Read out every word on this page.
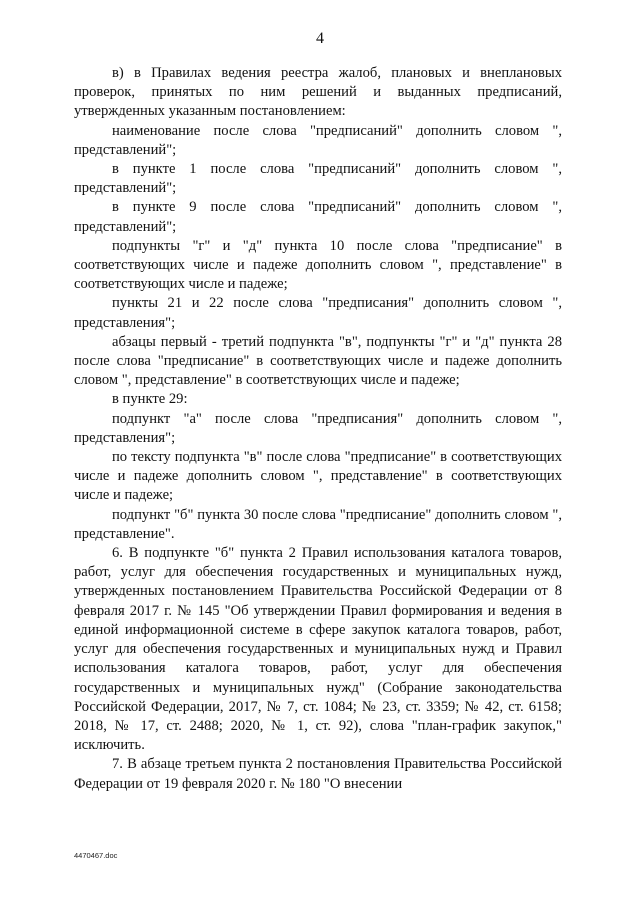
4

в) в Правилах ведения реестра жалоб, плановых и внеплановых проверок, принятых по ним решений и выданных предписаний, утвержденных указанным постановлением:

наименование после слова "предписаний" дополнить словом ", представлений";

в пункте 1 после слова "предписаний" дополнить словом ", представлений";

в пункте 9 после слова "предписаний" дополнить словом ", представлений";

подпункты "г" и "д" пункта 10 после слова "предписание" в соответствующих числе и падеже дополнить словом ", представление" в соответствующих числе и падеже;

пункты 21 и 22 после слова "предписания" дополнить словом ", представления";

абзацы первый - третий подпункта "в", подпункты "г" и "д" пункта 28 после слова "предписание" в соответствующих числе и падеже дополнить словом ", представление" в соответствующих числе и падеже;

в пункте 29:

подпункт "а" после слова "предписания" дополнить словом ", представления";

по тексту подпункта "в" после слова "предписание" в соответствующих числе и падеже дополнить словом ", представление" в соответствующих числе и падеже;

подпункт "б" пункта 30 после слова "предписание" дополнить словом ", представление".

6. В подпункте "б" пункта 2 Правил использования каталога товаров, работ, услуг для обеспечения государственных и муниципальных нужд, утвержденных постановлением Правительства Российской Федерации от 8 февраля 2017 г. № 145 "Об утверждении Правил формирования и ведения в единой информационной системе в сфере закупок каталога товаров, работ, услуг для обеспечения государственных и муниципальных нужд и Правил использования каталога товаров, работ, услуг для обеспечения государственных и муниципальных нужд" (Собрание законодательства Российской Федерации, 2017, № 7, ст. 1084; № 23, ст. 3359; № 42, ст. 6158; 2018, № 17, ст. 2488; 2020, № 1, ст. 92), слова "план-график закупок," исключить.

7. В абзаце третьем пункта 2 постановления Правительства Российской Федерации от 19 февраля 2020 г. № 180 "О внесении

4470467.doc
